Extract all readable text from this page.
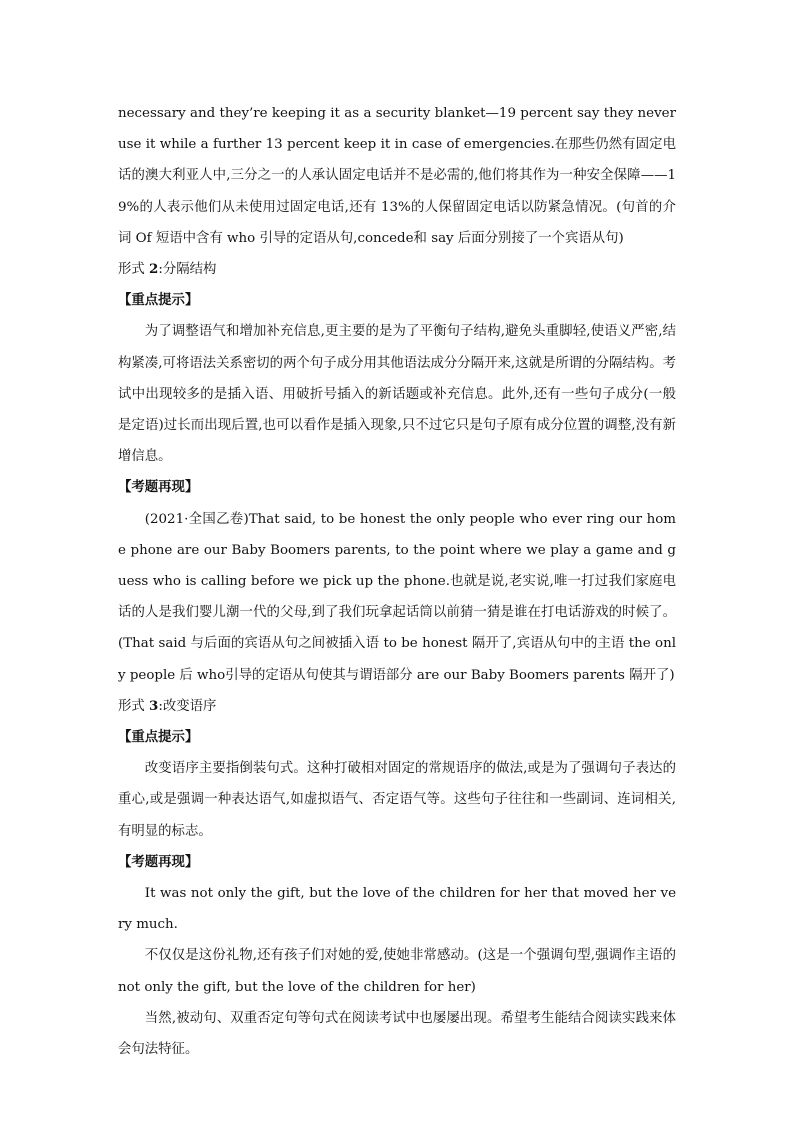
necessary and they’re keeping it as a security blanket—19 percent say they never use it while a further 13 percent keep it in case of emergencies.在那些仍然有固定电话的澳大利亚人中,三分之一的人承认固定电话并不是必需的,他们将其作为一种安全保障——19%的人表示他们从未使用过固定电话,还有 13%的人保留固定电话以防紧急情况。(句首的介词 Of 短语中含有 who 引导的定语从句,concede和 say 后面分别接了一个宾语从句)

形式 2:分隔结构

【重点提示】

为了调整语气和增加补充信息,更主要的是为了平衡句子结构,避免头重脚轻,使语义严密,结构紧凑,可将语法关系密切的两个句子成分用其他语法成分分隔开来,这就是所谓的分隔结构。考试中出现较多的是插入语、用破折号插入的新话题或补充信息。此外,还有一些句子成分(一般是定语)过长而出现后置,也可以看作是插入现象,只不过它只是句子原有成分位置的调整,没有新增信息。

【考题再现】

(2021·全国乙卷)That said, to be honest the only people who ever ring our home phone are our Baby Boomers parents, to the point where we play a game and guess who is calling before we pick up the phone.也就是说,老实说,唯一打过我们家庭电话的人是我们婴儿潮一代的父母,到了我们玩拿起话筒以前猜一猜是谁在打电话游戏的时候了。(That said 与后面的宾语从句之间被插入语 to be honest 隔开了,宾语从句中的主语 the only people 后 who引导的定语从句使其与谓语部分 are our Baby Boomers parents 隔开了)

形式 3:改变语序

【重点提示】

改变语序主要指倒装句式。这种打破相对固定的常规语序的做法,或是为了强调句子表达的重心,或是强调一种表达语气,如虚拟语气、否定语气等。这些句子往往和一些副词、连词相关,有明显的标志。

【考题再现】

It was not only the gift, but the love of the children for her that moved her very much.

不仅仅是这份礼物,还有孩子们对她的爱,使她非常感动。(这是一个强调句型,强调作主语的 not only the gift, but the love of the children for her)

当然,被动句、双重否定句等句式在阅读考试中也屡屡出现。希望考生能结合阅读实践来体会句法特征。
